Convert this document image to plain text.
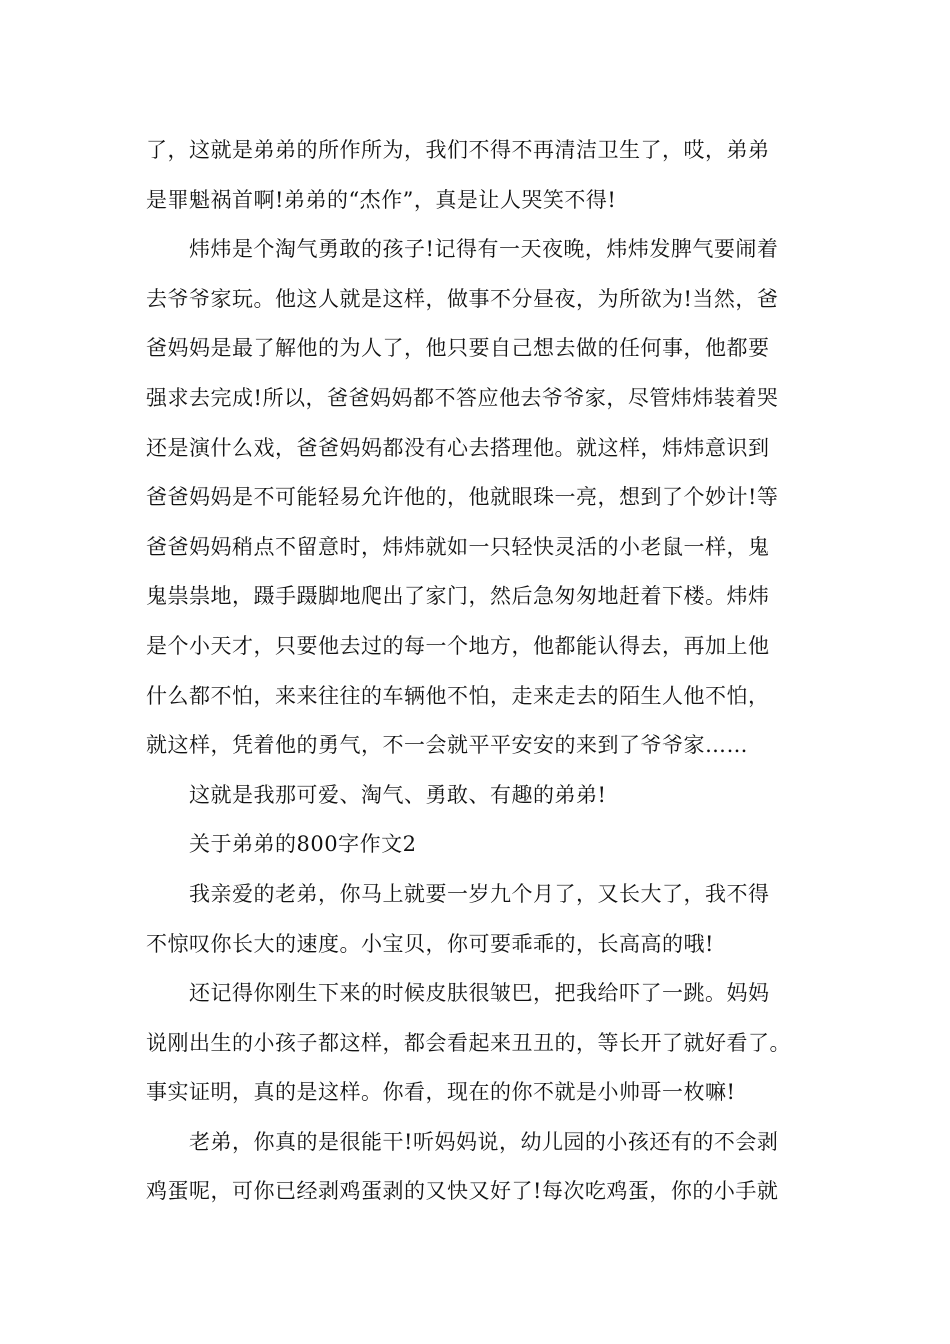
了，这就是弟弟的所作所为，我们不得不再清洁卫生了，哎，弟弟
是罪魁祸首啊!弟弟的“杰作”，真是让人哭笑不得!
炜炜是个淘气勇敢的孩子!记得有一天夜晚，炜炜发脾气要闹着
去爷爷家玩。他这人就是这样，做事不分昼夜，为所欲为!当然，爸
爸妈妈是最了解他的为人了，他只要自己想去做的任何事，他都要
强求去完成!所以，爸爸妈妈都不答应他去爷爷家，尽管炜炜装着哭
还是演什么戏，爸爸妈妈都没有心去搭理他。就这样，炜炜意识到
爸爸妈妈是不可能轻易允许他的，他就眼珠一亮，想到了个妙计!等
爸爸妈妈稍点不留意时，炜炜就如一只轻快灵活的小老鼠一样，鬼
鬼祟祟地，蹑手蹑脚地爬出了家门，然后急匆匆地赶着下楼。炜炜
是个小天才，只要他去过的每一个地方，他都能认得去，再加上他
什么都不怕，来来往往的车辆他不怕，走来走去的陌生人他不怕，
就这样，凭着他的勇气，不一会就平平安安的来到了爷爷家……
这就是我那可爱、淘气、勇敢、有趣的弟弟!
关于弟弟的800字作文2
我亲爱的老弟，你马上就要一岁九个月了，又长大了，我不得
不惊叹你长大的速度。小宝贝，你可要乖乖的，长高高的哦!
还记得你刚生下来的时候皮肤很皱巴，把我给吓了一跳。妈妈
说刚出生的小孩子都这样，都会看起来丑丑的，等长开了就好看了。
事实证明，真的是这样。你看，现在的你不就是小帅哥一枚嘛!
老弟，你真的是很能干!听妈妈说，幼儿园的小孩还有的不会剥
鸡蛋呢，可你已经剥鸡蛋剥的又快又好了!每次吃鸡蛋，你的小手就
